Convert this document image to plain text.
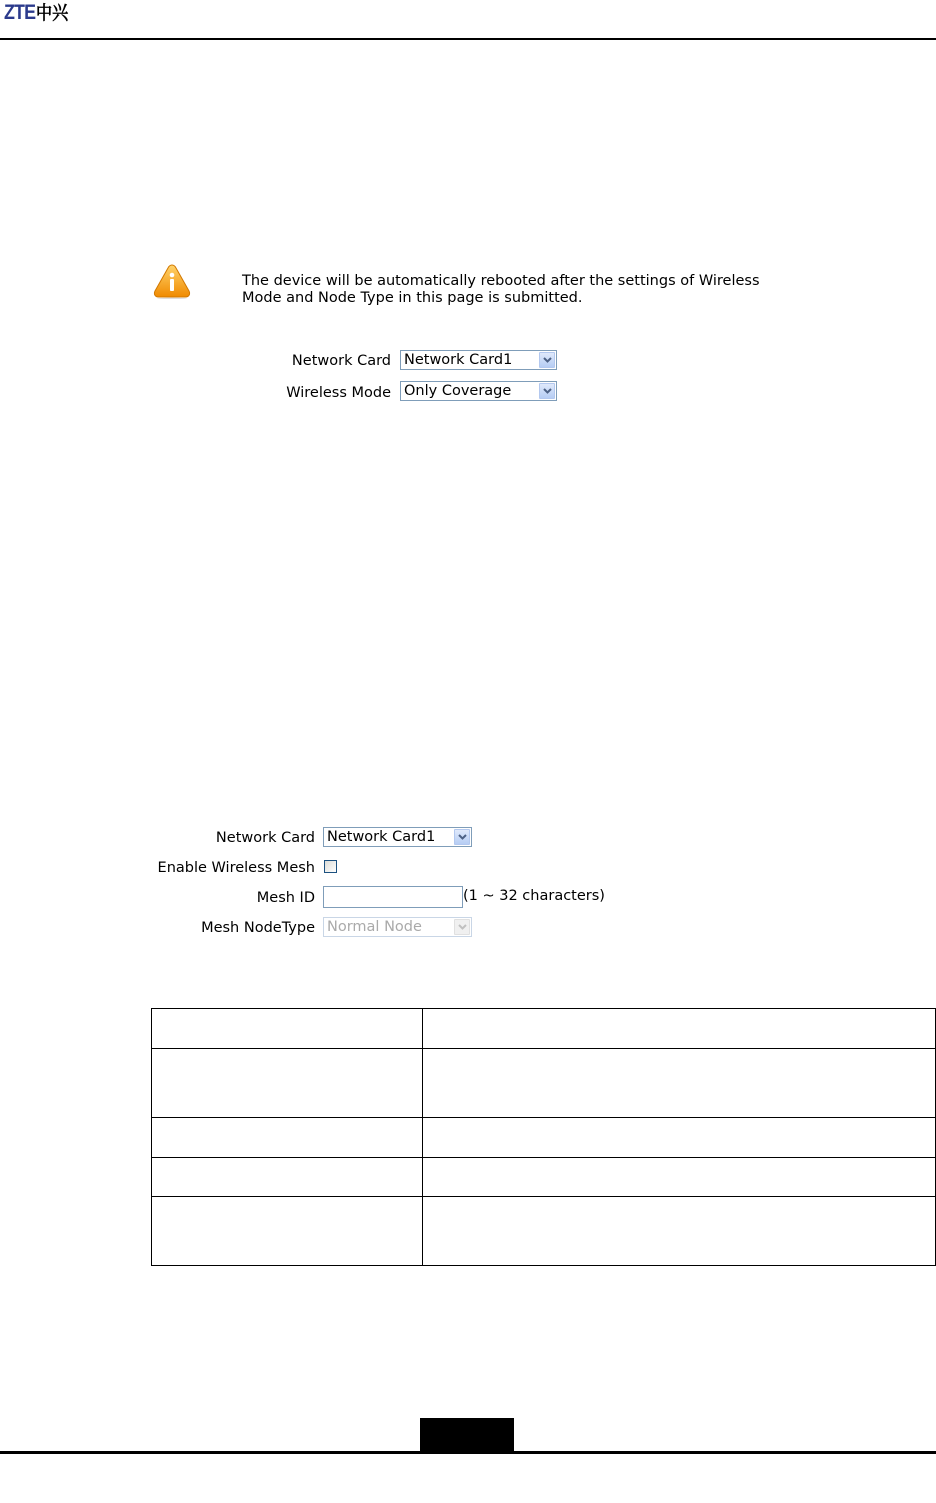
ZTE中兴
The device will be automatically rebooted after the settings of Wireless Mode and Node Type in this page is submitted.
Network Card Network Card1
Wireless Mode Only Coverage
Network Card Network Card1
Enable Wireless Mesh
Mesh ID	(1 ~ 32 characters)
Mesh NodeType Normal Node
